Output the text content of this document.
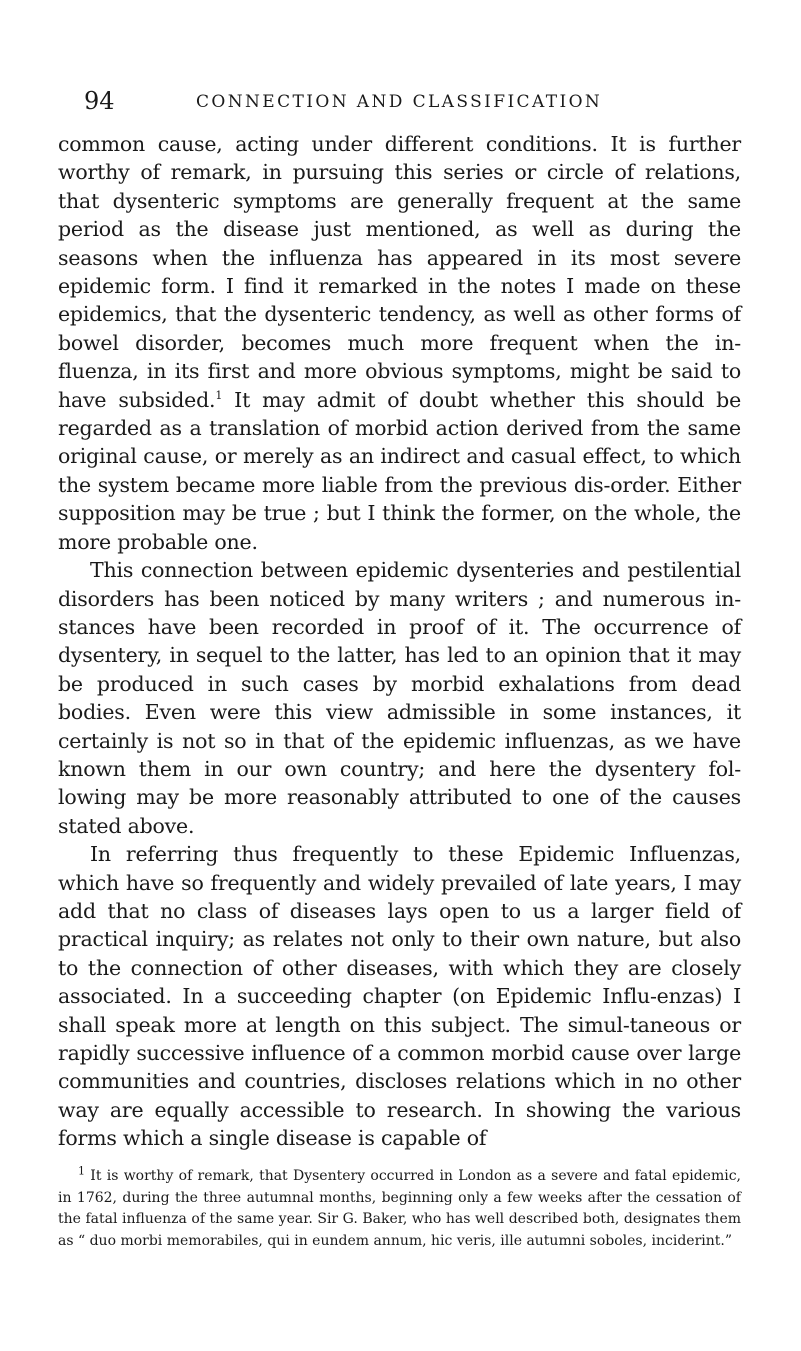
94	CONNECTION AND CLASSIFICATION

common cause, acting under different conditions. It is further worthy of remark, in pursuing this series or circle of relations, that dysenteric symptoms are generally frequent at the same period as the disease just mentioned, as well as during the seasons when the influenza has appeared in its most severe epidemic form. I find it remarked in the notes I made on these epidemics, that the dysenteric tendency, as well as other forms of bowel disorder, becomes much more frequent when the in-fluenza, in its first and more obvious symptoms, might be said to have subsided.$^1$ It may admit of doubt whether this should be regarded as a translation of morbid action derived from the same original cause, or merely as an indirect and casual effect, to which the system became more liable from the previous dis-order. Either supposition may be true ; but I think the former, on the whole, the more probable one.

This connection between epidemic dysenteries and pestilential disorders has been noticed by many writers ; and numerous in-stances have been recorded in proof of it. The occurrence of dysentery, in sequel to the latter, has led to an opinion that it may be produced in such cases by morbid exhalations from dead bodies. Even were this view admissible in some instances, it certainly is not so in that of the epidemic influenzas, as we have known them in our own country; and here the dysentery fol-lowing may be more reasonably attributed to one of the causes stated above.

In referring thus frequently to these Epidemic Influenzas, which have so frequently and widely prevailed of late years, I may add that no class of diseases lays open to us a larger field of practical inquiry; as relates not only to their own nature, but also to the connection of other diseases, with which they are closely associated. In a succeeding chapter (on Epidemic Influ-enzas) I shall speak more at length on this subject. The simul-taneous or rapidly successive influence of a common morbid cause over large communities and countries, discloses relations which in no other way are equally accessible to research. In showing the various forms which a single disease is capable of

$^1$ It is worthy of remark, that Dysentery occurred in London as a severe and fatal epidemic, in 1762, during the three autumnal months, beginning only a few weeks after the cessation of the fatal influenza of the same year. Sir G. Baker, who has well described both, designates them as “ duo morbi memorabiles, qui in eundem annum, hic veris, ille autumni soboles, inciderint.”
